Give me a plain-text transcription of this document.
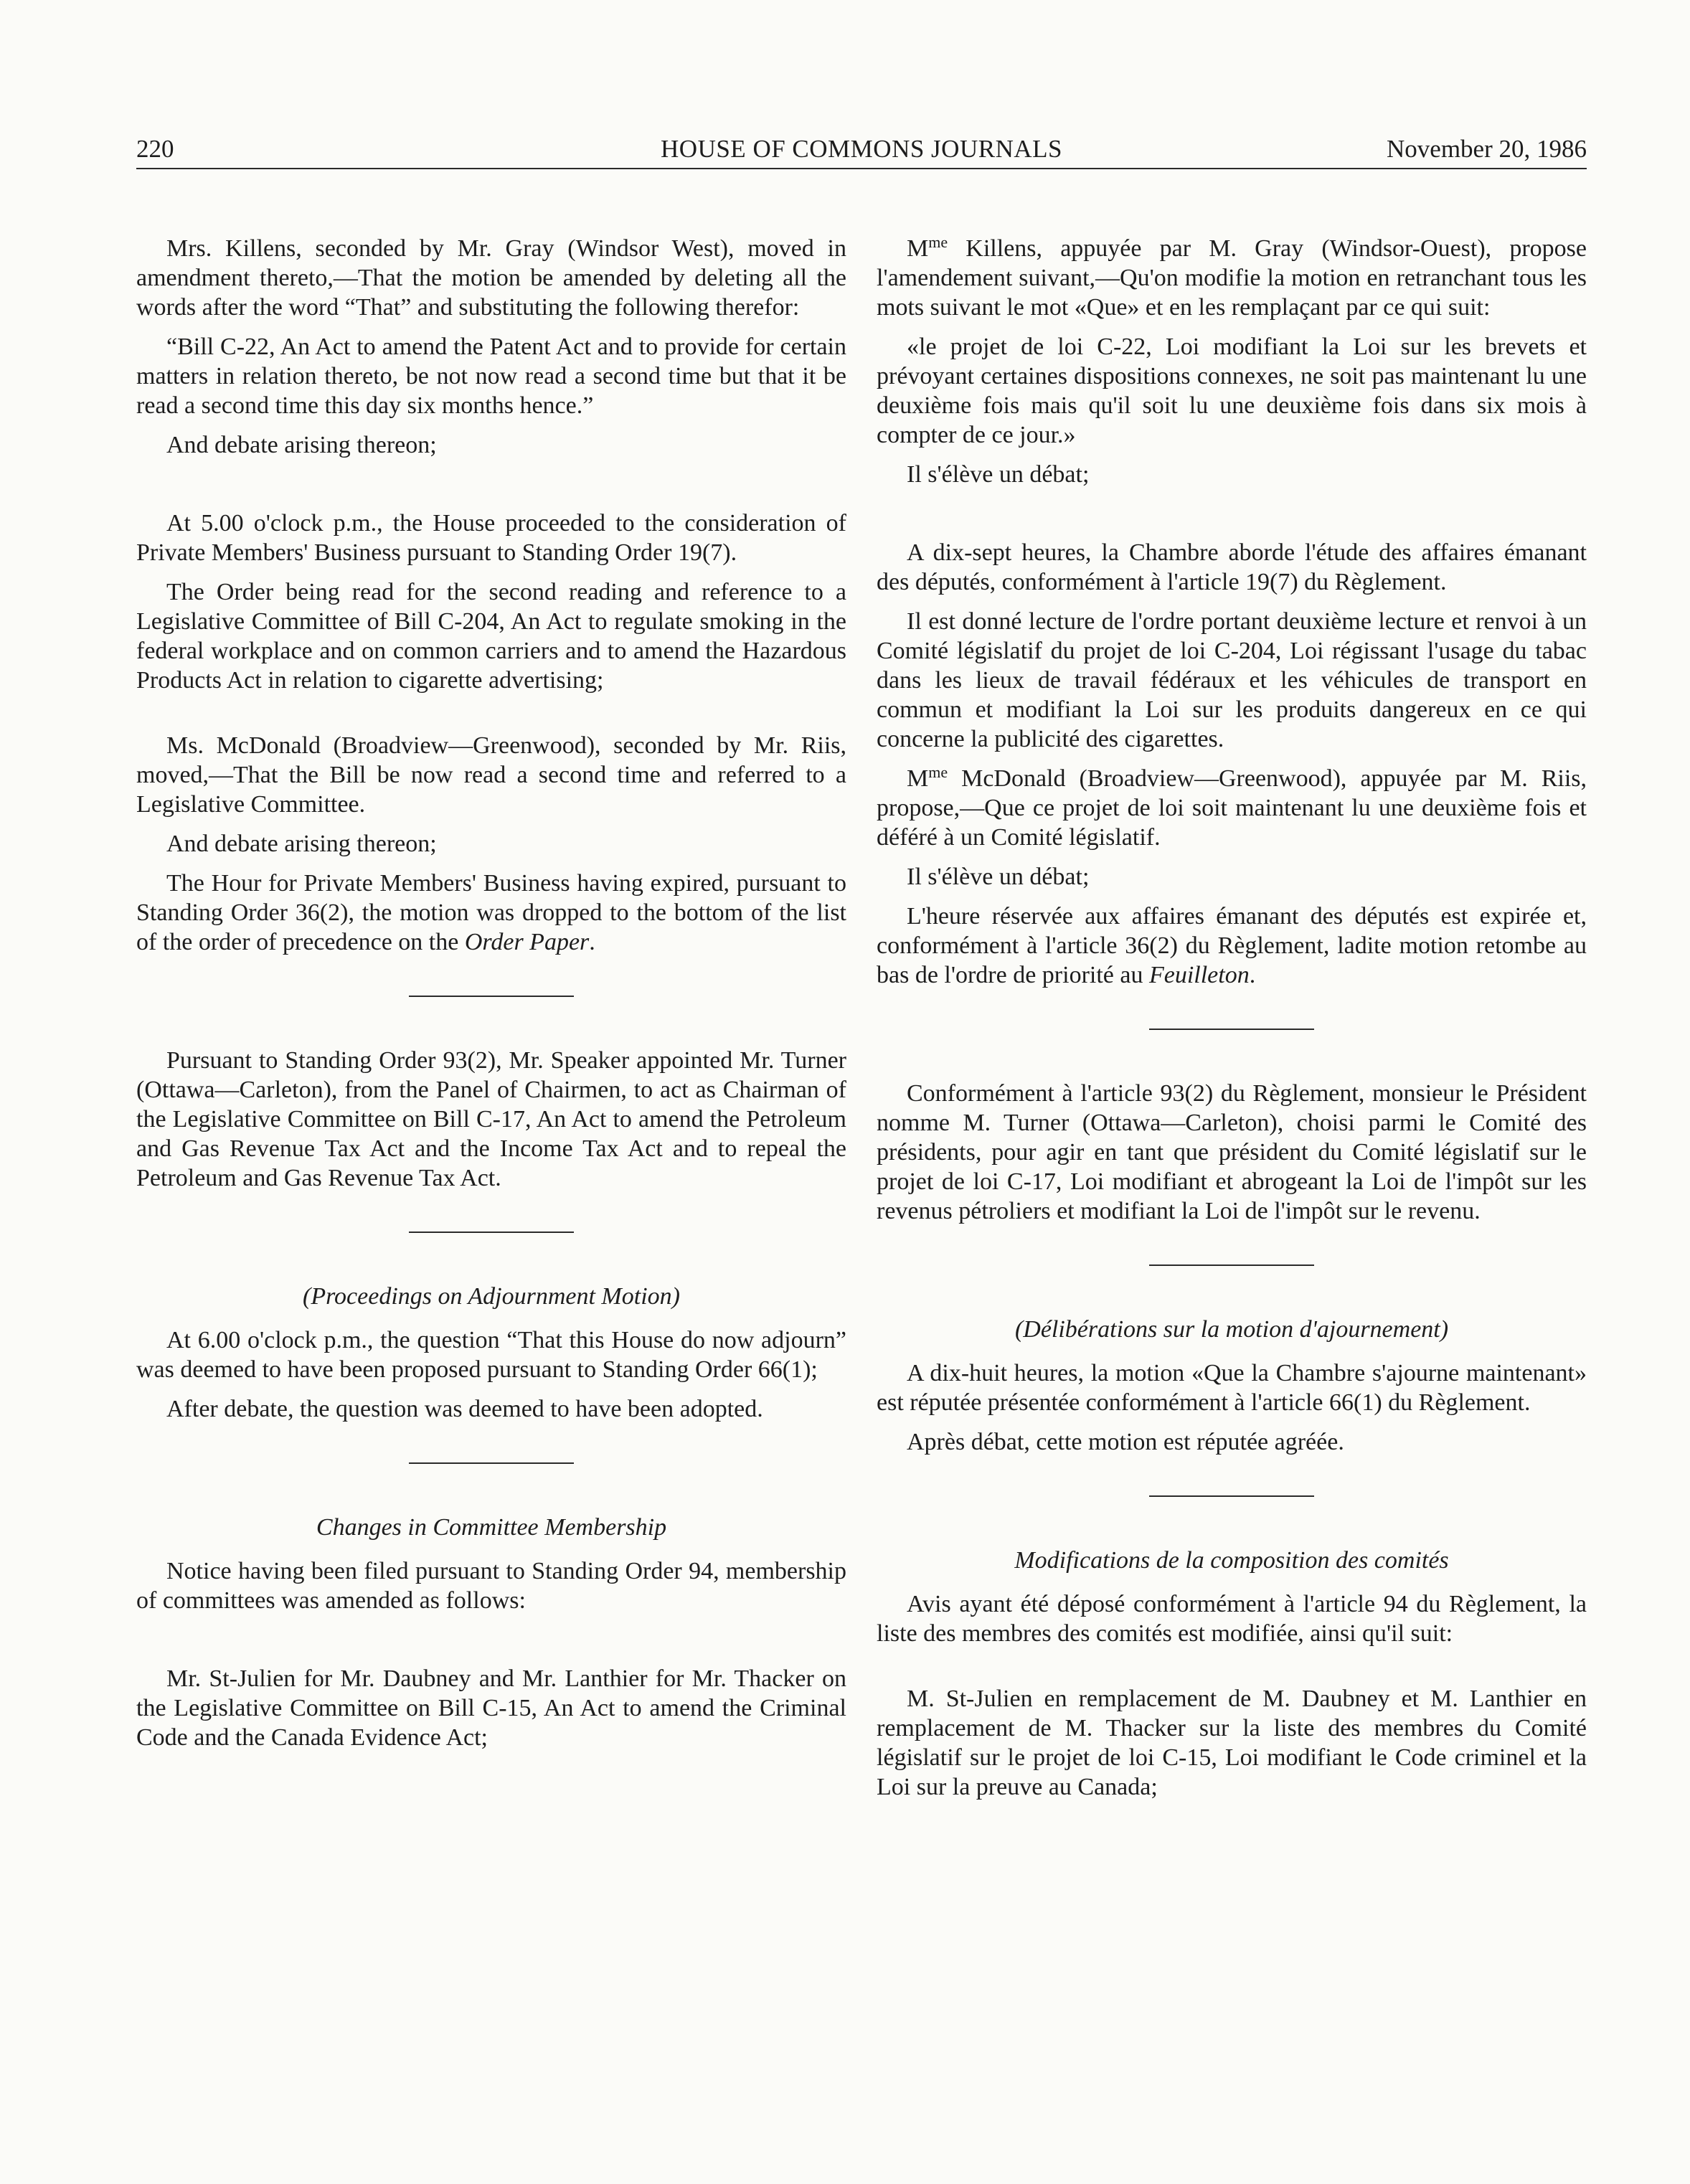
220	HOUSE OF COMMONS JOURNALS	November 20, 1986

Mrs. Killens, seconded by Mr. Gray (Windsor West), moved in amendment thereto,—That the motion be amended by deleting all the words after the word “That” and substituting the following therefor:

“Bill C-22, An Act to amend the Patent Act and to provide for certain matters in relation thereto, be not now read a second time but that it be read a second time this day six months hence.”

And debate arising thereon;

At 5.00 o'clock p.m., the House proceeded to the consideration of Private Members' Business pursuant to Standing Order 19(7).

The Order being read for the second reading and reference to a Legislative Committee of Bill C-204, An Act to regulate smoking in the federal workplace and on common carriers and to amend the Hazardous Products Act in relation to cigarette advertising;

Ms. McDonald (Broadview—Greenwood), seconded by Mr. Riis, moved,—That the Bill be now read a second time and referred to a Legislative Committee.

And debate arising thereon;

The Hour for Private Members' Business having expired, pursuant to Standing Order 36(2), the motion was dropped to the bottom of the list of the order of precedence on the Order Paper.

Pursuant to Standing Order 93(2), Mr. Speaker appointed Mr. Turner (Ottawa—Carleton), from the Panel of Chairmen, to act as Chairman of the Legislative Committee on Bill C-17, An Act to amend the Petroleum and Gas Revenue Tax Act and the Income Tax Act and to repeal the Petroleum and Gas Revenue Tax Act.

(Proceedings on Adjournment Motion)

At 6.00 o'clock p.m., the question “That this House do now adjourn” was deemed to have been proposed pursuant to Standing Order 66(1);

After debate, the question was deemed to have been adopted.

Changes in Committee Membership

Notice having been filed pursuant to Standing Order 94, membership of committees was amended as follows:

Mr. St-Julien for Mr. Daubney and Mr. Lanthier for Mr. Thacker on the Legislative Committee on Bill C-15, An Act to amend the Criminal Code and the Canada Evidence Act;

$M^{me}$ Killens, appuyée par M. Gray (Windsor-Ouest), propose l'amendement suivant,—Qu'on modifie la motion en retranchant tous les mots suivant le mot «Que» et en les remplaçant par ce qui suit:

«le projet de loi C-22, Loi modifiant la Loi sur les brevets et prévoyant certaines dispositions connexes, ne soit pas maintenant lu une deuxième fois mais qu'il soit lu une deuxième fois dans six mois à compter de ce jour.»

Il s'élève un débat;

A dix-sept heures, la Chambre aborde l'étude des affaires émanant des députés, conformément à l'article 19(7) du Règlement.

Il est donné lecture de l'ordre portant deuxième lecture et renvoi à un Comité législatif du projet de loi C-204, Loi régissant l'usage du tabac dans les lieux de travail fédéraux et les véhicules de transport en commun et modifiant la Loi sur les produits dangereux en ce qui concerne la publicité des cigarettes.

$M^{me}$ McDonald (Broadview—Greenwood), appuyée par M. Riis, propose,—Que ce projet de loi soit maintenant lu une deuxième fois et déféré à un Comité législatif.

Il s'élève un débat;

L'heure réservée aux affaires émanant des députés est expirée et, conformément à l'article 36(2) du Règlement, ladite motion retombe au bas de l'ordre de priorité au Feuilleton.

Conformément à l'article 93(2) du Règlement, monsieur le Président nomme M. Turner (Ottawa—Carleton), choisi parmi le Comité des présidents, pour agir en tant que président du Comité législatif sur le projet de loi C-17, Loi modifiant et abrogeant la Loi de l'impôt sur les revenus pétroliers et modifiant la Loi de l'impôt sur le revenu.

(Délibérations sur la motion d'ajournement)

A dix-huit heures, la motion «Que la Chambre s'ajourne maintenant» est réputée présentée conformément à l'article 66(1) du Règlement.

Après débat, cette motion est réputée agréée.

Modifications de la composition des comités

Avis ayant été déposé conformément à l'article 94 du Règlement, la liste des membres des comités est modifiée, ainsi qu'il suit:

M. St-Julien en remplacement de M. Daubney et M. Lanthier en remplacement de M. Thacker sur la liste des membres du Comité législatif sur le projet de loi C-15, Loi modifiant le Code criminel et la Loi sur la preuve au Canada;
